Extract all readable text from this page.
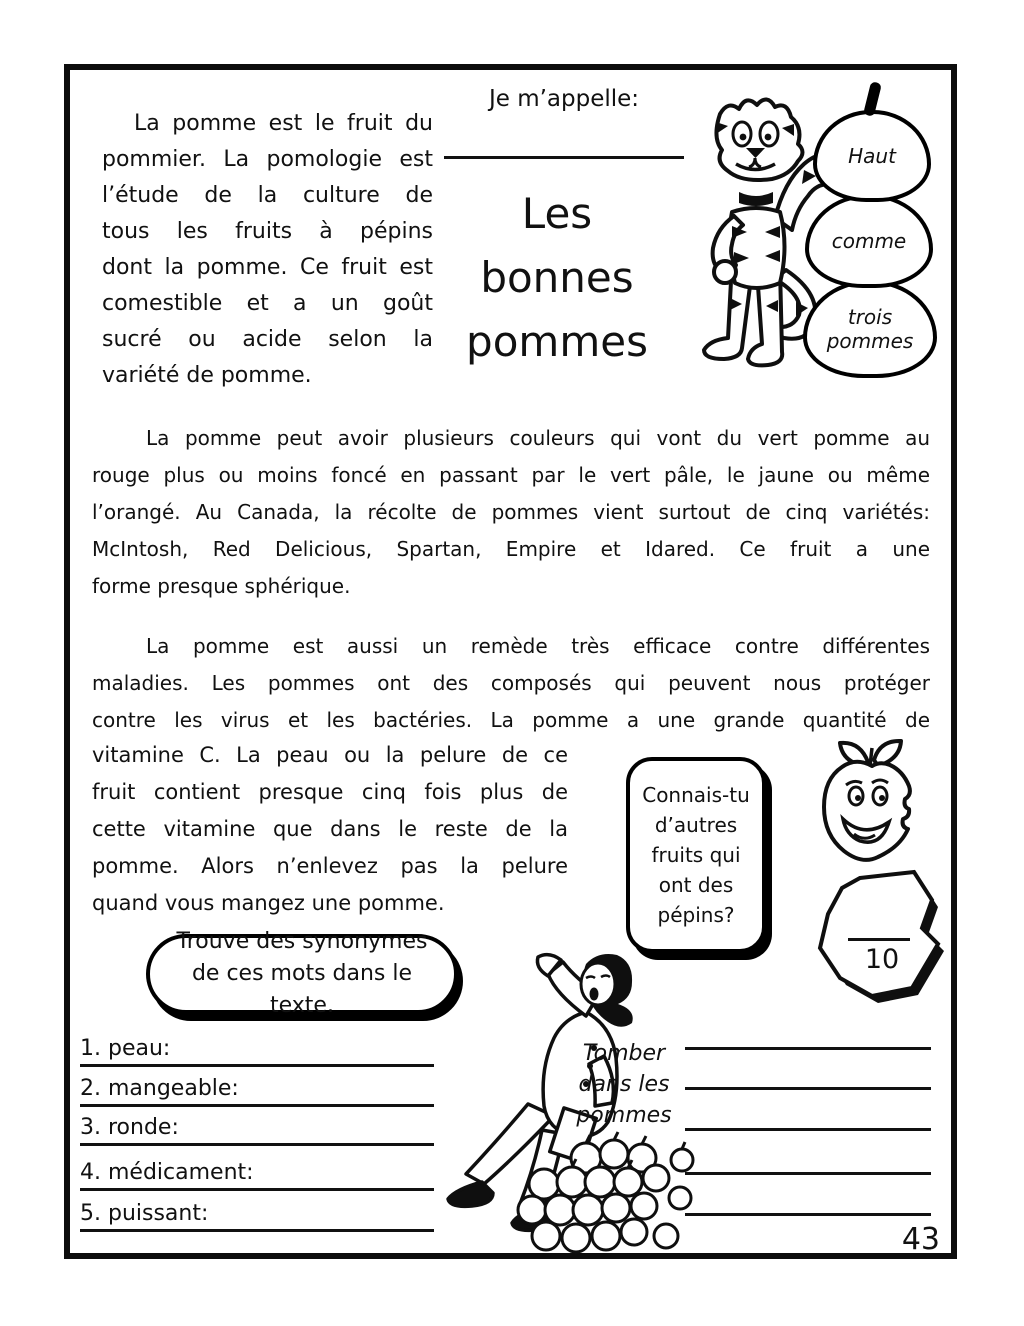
La pomme est le fruit du
pommier. La pomologie est
l’étude de la culture de
tous les fruits à pépins
dont la pomme. Ce fruit est
comestible et a un goût
sucré ou acide selon la
variété de pomme.
Je m’appelle:
Les
bonnes
pommes
Haut
comme
trois pommes
La pomme peut avoir plusieurs couleurs qui vont du vert pomme au
rouge plus ou moins foncé en passant par le vert pâle, le jaune ou même
l’orangé. Au Canada, la récolte de pommes vient surtout de cinq variétés:
McIntosh, Red Delicious, Spartan, Empire et Idared. Ce fruit a une
forme presque sphérique.
La pomme est aussi un remède très efficace contre différentes
maladies. Les pommes ont des composés qui peuvent nous protéger
contre les virus et les bactéries. La pomme a une grande quantité de
vitamine C. La peau ou la pelure de ce
fruit contient presque cinq fois plus de
cette vitamine que dans le reste de la
pomme. Alors n’enlevez pas la pelure
quand vous mangez une pomme.
Connais-tu d’autres fruits qui ont des pépins?
10
Trouve des synonymes de ces mots dans le texte.
1. peau:
2. mangeable:
3. ronde:
4. médicament:
5. puissant:
Tomber dans les pommes
43
